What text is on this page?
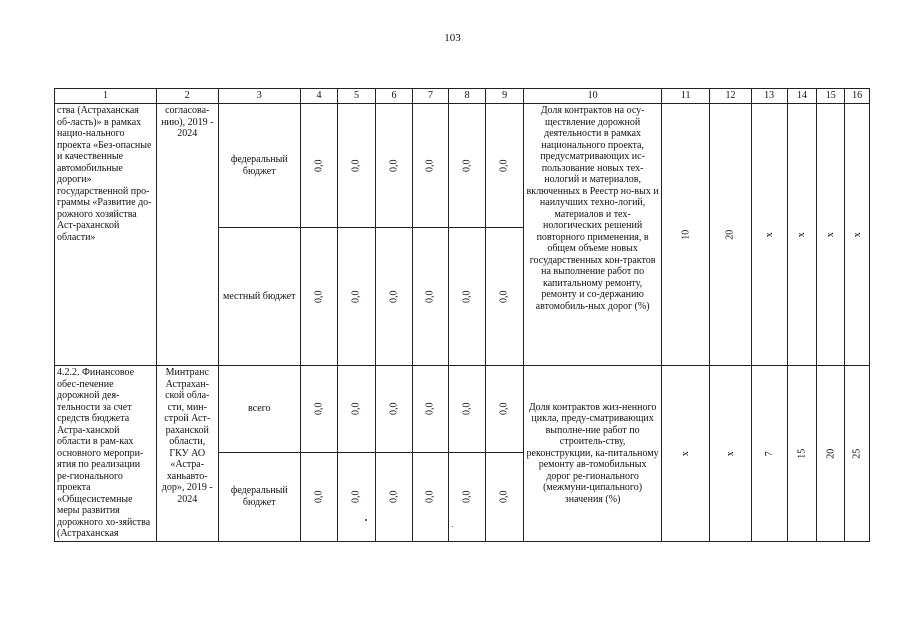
103
1	2	3	4	5	6	7	8	9	10	11	12	13	14	15	16
ства (Астраханская об-ласть)» в рамках нацио-нального проекта «Без-опасные и качественные автомобильные дороги» государственной про-граммы «Развитие до-рожного хозяйства Аст-раханской области»	согласова-нию), 2019 - 2024	федеральный бюджет	0,0	0,0	0,0	0,0	0,0	0,0	Доля контрактов на осу-ществление дорожной деятельности в рамках национального проекта, предусматривающих ис-пользование новых тех-нологий и материалов, включенных в Реестр но-вых и наилучших техно-логий, материалов и тех-нологических решений повторного применения, в общем объеме новых государственных кон-трактов на выполнение работ по капитальному ремонту, ремонту и со-держанию автомобиль-ных дорог (%)	10	20	x	x	x	x
		местный бюджет	0,0	0,0	0,0	0,0	0,0	0,0							
4.2.2. Финансовое обес-печение дорожной дея-тельности за счет средств бюджета Астра-ханской области в рам-ках основного меропри-ятия по реализации ре-гионального проекта «Общесистемные меры развития дорожного хо-зяйства (Астраханская	Минтранс Астрахан-ской обла-сти, мин-строй Аст-раханской области, ГКУ АО «Астра-ханьавто-дор», 2019 - 2024	всего	0,0	0,0	0,0	0,0	0,0	0,0	Доля контрактов жиз-ненного цикла, преду-сматривающих выполне-ние работ по строитель-ству, реконструкции, ка-питальному ремонту ав-томобильных дорог ре-гионального (межмуни-ципального) значения (%)	x	x	7	15	20	25
		федеральный бюджет	0,0	0,0	0,0	0,0	0,0	0,0							
